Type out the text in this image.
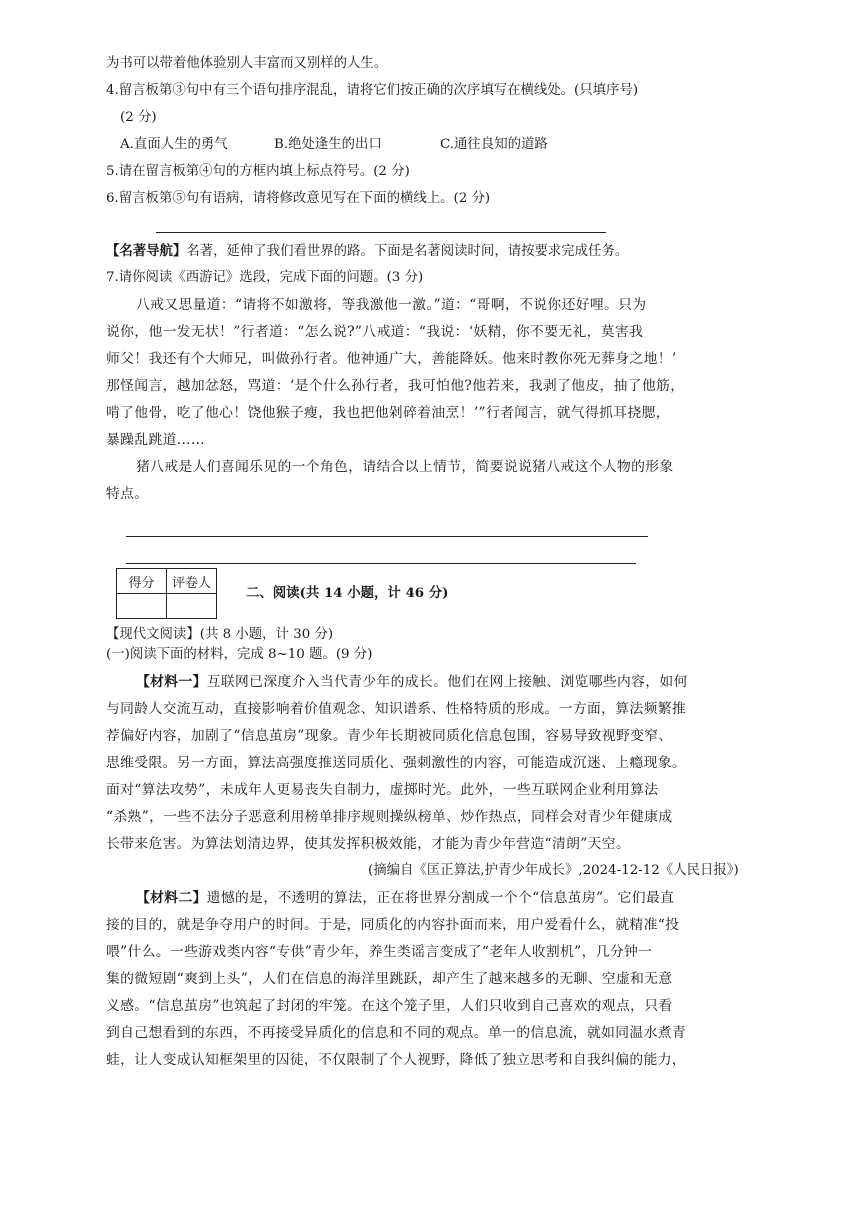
为书可以带着他体验别人丰富而又别样的人生。
4.留言板第③句中有三个语句排序混乱，请将它们按正确的次序填写在横线处。(只填序号)
(2 分)
A.直面人生的勇气	B.绝处逢生的出口	C.通往良知的道路
5.请在留言板第④句的方框内填上标点符号。(2 分)
6.留言板第⑤句有语病，请将修改意见写在下面的横线上。(2 分)
【名著导航】名著，延伸了我们看世界的路。下面是名著阅读时间，请按要求完成任务。
7.请你阅读《西游记》选段，完成下面的问题。(3 分)
八戒又思量道：“请将不如激将，等我激他一激。”道：“哥啊，不说你还好哩。只为
说你，他一发无状！”行者道：“怎么说?”八戒道：“我说：‘妖精，你不要无礼，莫害我
师父！我还有个大师兄，叫做孙行者。他神通广大，善能降妖。他来时教你死无葬身之地！’
那怪闻言，越加忿怒，骂道：‘是个什么孙行者，我可怕他?他若来，我剥了他皮，抽了他筋，
啃了他骨，吃了他心！饶他猴子瘦，我也把他剁碎着油烹！’”行者闻言，就气得抓耳挠腮，
暴躁乱跳道……
猪八戒是人们喜闻乐见的一个角色，请结合以上情节，简要说说猪八戒这个人物的形象
特点。
得分	评卷人

二、阅读(共 14 小题，计 46 分)
【现代文阅读】(共 8 小题，计 30 分)
(一)阅读下面的材料，完成 8~10 题。(9 分)
【材料一】互联网已深度介入当代青少年的成长。他们在网上接触、浏览哪些内容，如何
与同龄人交流互动，直接影响着价值观念、知识谱系、性格特质的形成。一方面，算法频繁推
荐偏好内容，加剧了“信息茧房”现象。青少年长期被同质化信息包围，容易导致视野变窄、
思维受限。另一方面，算法高强度推送同质化、强刺激性的内容，可能造成沉迷、上瘾现象。
面对“算法攻势”，未成年人更易丧失自制力，虚掷时光。此外，一些互联网企业利用算法
“杀熟”，一些不法分子恶意利用榜单排序规则操纵榜单、炒作热点，同样会对青少年健康成
长带来危害。为算法划清边界，使其发挥积极效能，才能为青少年营造“清朗”天空。
(摘编自《匡正算法,护青少年成长》,2024-12-12《人民日报》)
【材料二】遗憾的是，不透明的算法，正在将世界分割成一个个“信息茧房”。它们最直
接的目的，就是争夺用户的时间。于是，同质化的内容扑面而来，用户爱看什么，就精准“投
喂”什么。一些游戏类内容“专供”青少年，养生类谣言变成了“老年人收割机”，几分钟一
集的微短剧“爽到上头”，人们在信息的海洋里跳跃，却产生了越来越多的无聊、空虚和无意
义感。“信息茧房”也筑起了封闭的牢笼。在这个笼子里，人们只收到自己喜欢的观点，只看
到自己想看到的东西，不再接受异质化的信息和不同的观点。单一的信息流，就如同温水煮青
蛙，让人变成认知框架里的囚徒，不仅限制了个人视野，降低了独立思考和自我纠偏的能力，
